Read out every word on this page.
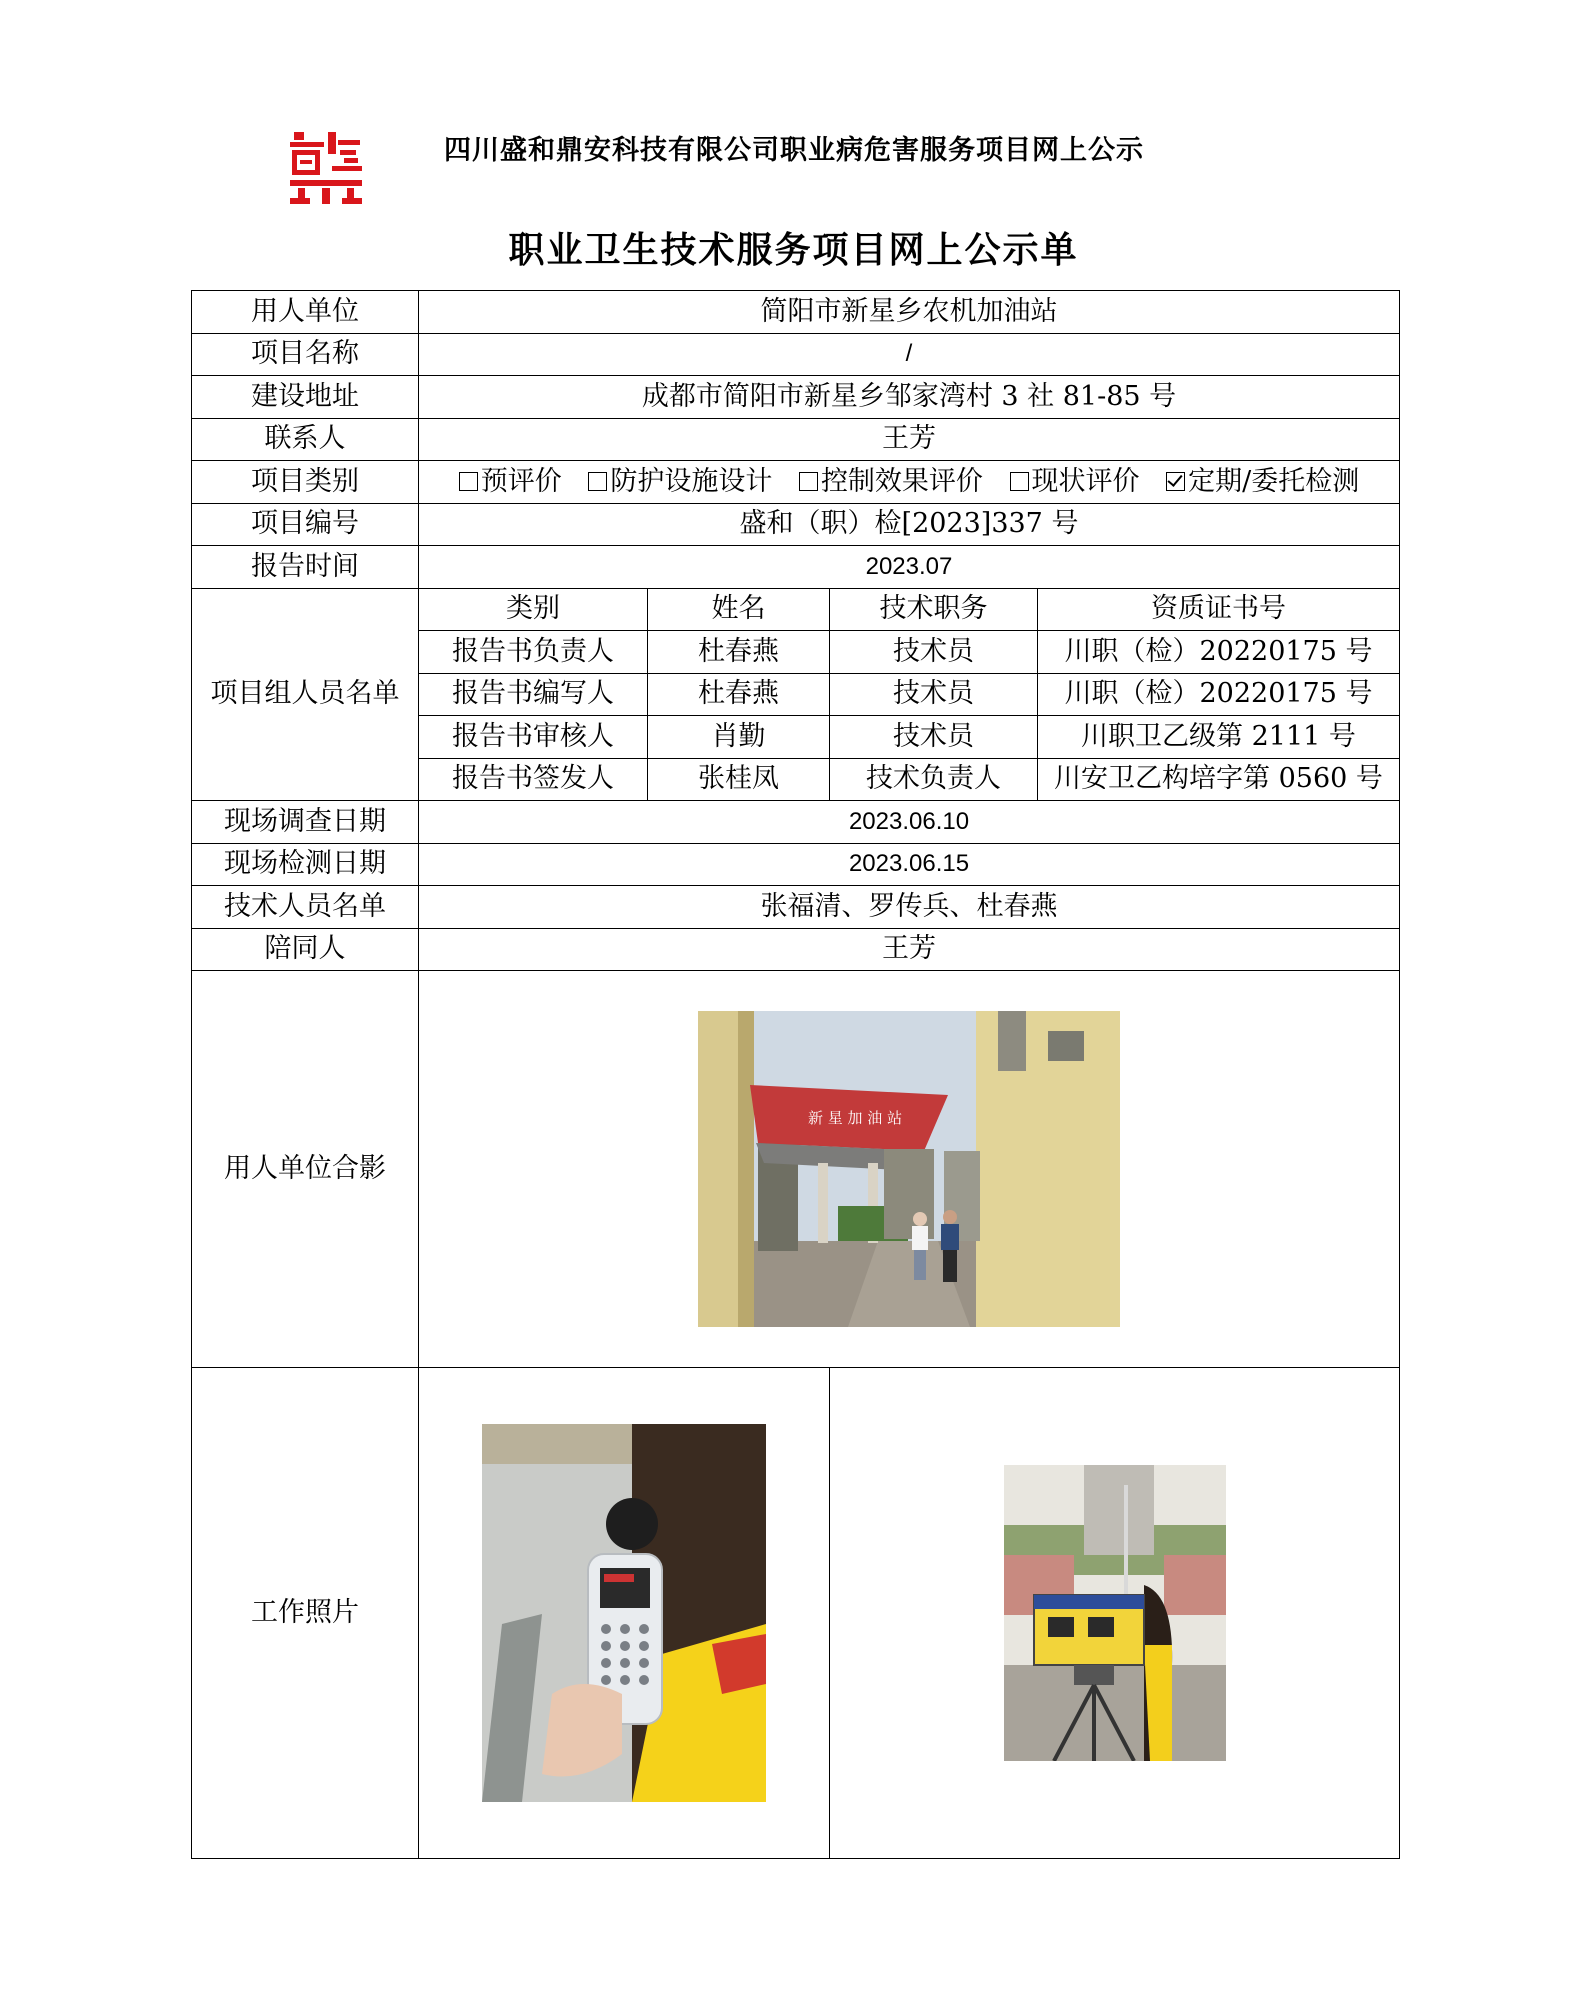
四川盛和鼎安科技有限公司职业病危害服务项目网上公示
职业卫生技术服务项目网上公示单
用人单位	简阳市新星乡农机加油站			
项目名称	/			
建设地址	成都市简阳市新星乡邹家湾村 3 社 81-85 号			
联系人	王芳			
项目类别	预评价 防护设施设计 控制效果评价 现状评价 定期/委托检测			
项目编号	盛和（职）检[2023]337 号			
报告时间	2023.07			
项目组人员名单	类别	姓名	技术职务	资质证书号
	报告书负责人	杜春燕	技术员	川职（检）20220175 号
	报告书编写人	杜春燕	技术员	川职（检）20220175 号
	报告书审核人	肖勤	技术员	川职卫乙级第 2111 号
	报告书签发人	张桂凤	技术负责人	川安卫乙构培字第 0560 号
现场调查日期	2023.06.10			
现场检测日期	2023.06.15			
技术人员名单	张福清、罗传兵、杜春燕			
陪同人	王芳			
用人单位合影	新 星 加 油 站			

工作照片	
